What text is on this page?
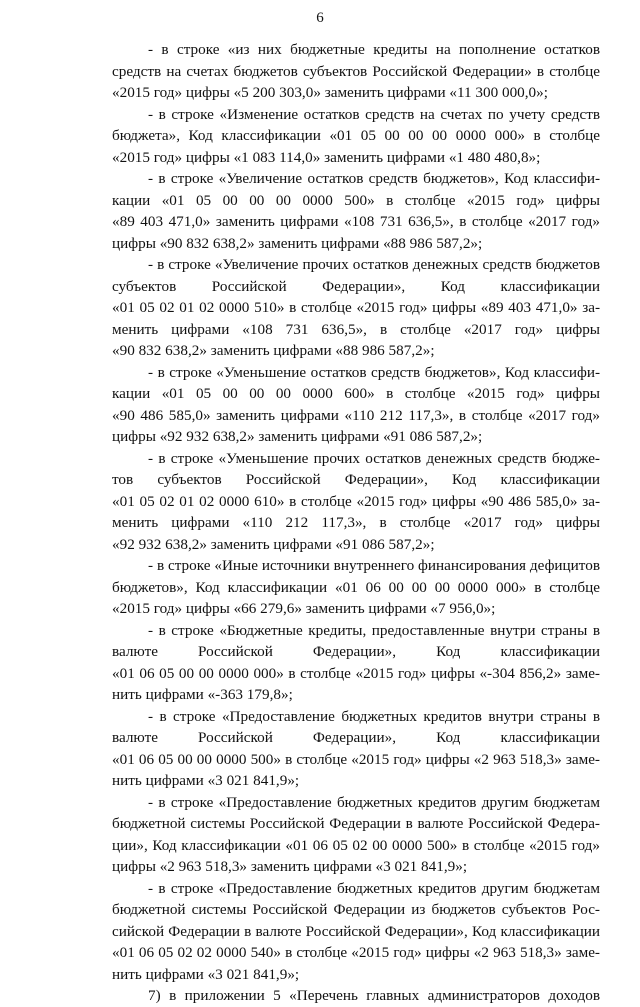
6
- в строке «из них бюджетные кредиты на пополнение остатков
средств на счетах бюджетов субъектов Российской Федерации» в столбце
«2015 год» цифры «5 200 303,0» заменить цифрами «11 300 000,0»;
- в строке «Изменение остатков средств на счетах по учету средств
бюджета», Код классификации «01 05 00 00 00 0000 000» в столбце
«2015 год» цифры «1 083 114,0» заменить цифрами «1 480 480,8»;
- в строке «Увеличение остатков средств бюджетов», Код классифи-
кации «01 05 00 00 00 0000 500» в столбце «2015 год» цифры
«89 403 471,0» заменить цифрами «108 731 636,5», в столбце «2017 год»
цифры «90 832 638,2» заменить цифрами «88 986 587,2»;
- в строке «Увеличение прочих остатков денежных средств бюджетов
субъектов Российской Федерации», Код классификации
«01 05 02 01 02 0000 510» в столбце «2015 год» цифры «89 403 471,0» за-
менить цифрами «108 731 636,5», в столбце «2017 год» цифры
«90 832 638,2» заменить цифрами «88 986 587,2»;
- в строке «Уменьшение остатков средств бюджетов», Код классифи-
кации «01 05 00 00 00 0000 600» в столбце «2015 год» цифры
«90 486 585,0» заменить цифрами «110 212 117,3», в столбце «2017 год»
цифры «92 932 638,2» заменить цифрами «91 086 587,2»;
- в строке «Уменьшение прочих остатков денежных средств бюдже-
тов субъектов Российской Федерации», Код классификации
«01 05 02 01 02 0000 610» в столбце «2015 год» цифры «90 486 585,0» за-
менить цифрами «110 212 117,3», в столбце «2017 год» цифры
«92 932 638,2» заменить цифрами «91 086 587,2»;
- в строке «Иные источники внутреннего финансирования дефицитов
бюджетов», Код классификации «01 06 00 00 00 0000 000» в столбце
«2015 год» цифры «66 279,6» заменить цифрами «7 956,0»;
- в строке «Бюджетные кредиты, предоставленные внутри страны в
валюте Российской Федерации», Код классификации
«01 06 05 00 00 0000 000» в столбце «2015 год» цифры «-304 856,2» заме-
нить цифрами «-363 179,8»;
- в строке «Предоставление бюджетных кредитов внутри страны в
валюте Российской Федерации», Код классификации
«01 06 05 00 00 0000 500» в столбце «2015 год» цифры «2 963 518,3» заме-
нить цифрами «3 021 841,9»;
- в строке «Предоставление бюджетных кредитов другим бюджетам
бюджетной системы Российской Федерации в валюте Российской Федера-
ции», Код классификации «01 06 05 02 00 0000 500» в столбце «2015 год»
цифры «2 963 518,3» заменить цифрами «3 021 841,9»;
- в строке «Предоставление бюджетных кредитов другим бюджетам
бюджетной системы Российской Федерации из бюджетов субъектов Рос-
сийской Федерации в валюте Российской Федерации», Код классификации
«01 06 05 02 02 0000 540» в столбце «2015 год» цифры «2 963 518,3» заме-
нить цифрами «3 021 841,9»;
7) в приложении 5 «Перечень главных администраторов доходов
